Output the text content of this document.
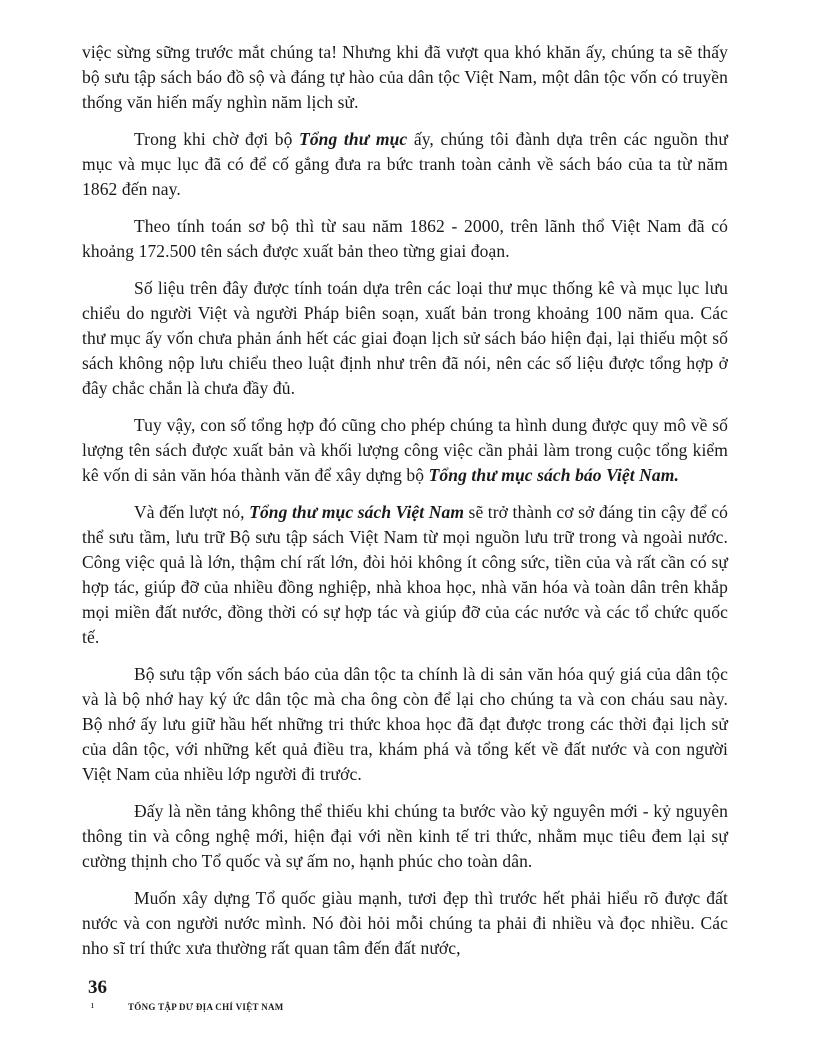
việc sừng sững trước mắt chúng ta! Nhưng khi đã vượt qua khó khăn ấy, chúng ta sẽ thấy bộ sưu tập sách báo đồ sộ và đáng tự hào của dân tộc Việt Nam, một dân tộc vốn có truyền thống văn hiến mấy nghìn năm lịch sử.

Trong khi chờ đợi bộ Tổng thư mục ấy, chúng tôi đành dựa trên các nguồn thư mục và mục lục đã có để cố gắng đưa ra bức tranh toàn cảnh về sách báo của ta từ năm 1862 đến nay.

Theo tính toán sơ bộ thì từ sau năm 1862 - 2000, trên lãnh thổ Việt Nam đã có khoảng 172.500 tên sách được xuất bản theo từng giai đoạn.

Số liệu trên đây được tính toán dựa trên các loại thư mục thống kê và mục lục lưu chiểu do người Việt và người Pháp biên soạn, xuất bản trong khoảng 100 năm qua. Các thư mục ấy vốn chưa phản ánh hết các giai đoạn lịch sử sách báo hiện đại, lại thiếu một số sách không nộp lưu chiểu theo luật định như trên đã nói, nên các số liệu được tổng hợp ở đây chắc chắn là chưa đầy đủ.

Tuy vậy, con số tổng hợp đó cũng cho phép chúng ta hình dung được quy mô về số lượng tên sách được xuất bản và khối lượng công việc cần phải làm trong cuộc tổng kiểm kê vốn di sản văn hóa thành văn để xây dựng bộ Tổng thư mục sách báo Việt Nam.

Và đến lượt nó, Tổng thư mục sách Việt Nam sẽ trở thành cơ sở đáng tin cậy để có thể sưu tầm, lưu trữ Bộ sưu tập sách Việt Nam từ mọi nguồn lưu trữ trong và ngoài nước. Công việc quả là lớn, thậm chí rất lớn, đòi hỏi không ít công sức, tiền của và rất cần có sự hợp tác, giúp đỡ của nhiều đồng nghiệp, nhà khoa học, nhà văn hóa và toàn dân trên khắp mọi miền đất nước, đồng thời có sự hợp tác và giúp đỡ của các nước và các tổ chức quốc tế.

Bộ sưu tập vốn sách báo của dân tộc ta chính là di sản văn hóa quý giá của dân tộc và là bộ nhớ hay ký ức dân tộc mà cha ông còn để lại cho chúng ta và con cháu sau này. Bộ nhớ ấy lưu giữ hầu hết những tri thức khoa học đã đạt được trong các thời đại lịch sử của dân tộc, với những kết quả điều tra, khám phá và tổng kết về đất nước và con người Việt Nam của nhiều lớp người đi trước.

Đấy là nền tảng không thể thiếu khi chúng ta bước vào kỷ nguyên mới - kỷ nguyên thông tin và công nghệ mới, hiện đại với nền kinh tế tri thức, nhằm mục tiêu đem lại sự cường thịnh cho Tổ quốc và sự ấm no, hạnh phúc cho toàn dân.

Muốn xây dựng Tổ quốc giàu mạnh, tươi đẹp thì trước hết phải hiểu rõ được đất nước và con người nước mình. Nó đòi hỏi mỗi chúng ta phải đi nhiều và đọc nhiều. Các nho sĩ trí thức xưa thường rất quan tâm đến đất nước,

36
ı	TỔNG TẬP DƯ ĐỊA CHÍ VIỆT NAM
